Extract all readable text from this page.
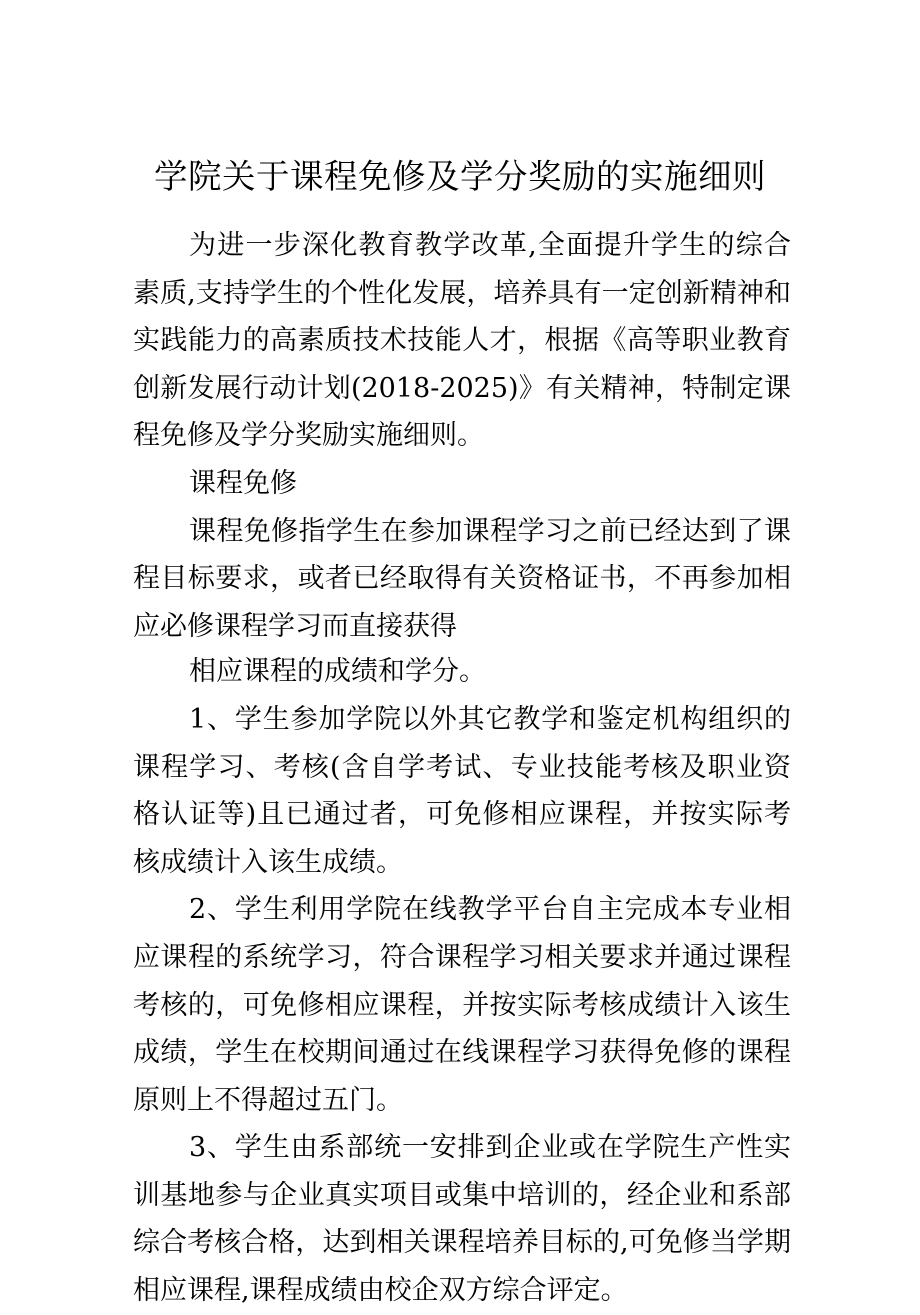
学院关于课程免修及学分奖励的实施细则

为进一步深化教育教学改革,全面提升学生的综合素质,支持学生的个性化发展，培养具有一定创新精神和实践能力的高素质技术技能人才，根据《高等职业教育创新发展行动计划(2018-2025)》有关精神，特制定课程免修及学分奖励实施细则。

课程免修

课程免修指学生在参加课程学习之前已经达到了课程目标要求，或者已经取得有关资格证书，不再参加相应必修课程学习而直接获得

相应课程的成绩和学分。

1、学生参加学院以外其它教学和鉴定机构组织的课程学习、考核(含自学考试、专业技能考核及职业资格认证等)且已通过者，可免修相应课程，并按实际考核成绩计入该生成绩。

2、学生利用学院在线教学平台自主完成本专业相应课程的系统学习，符合课程学习相关要求并通过课程考核的，可免修相应课程，并按实际考核成绩计入该生成绩，学生在校期间通过在线课程学习获得免修的课程原则上不得超过五门。

3、学生由系部统一安排到企业或在学院生产性实训基地参与企业真实项目或集中培训的，经企业和系部综合考核合格，达到相关课程培养目标的,可免修当学期相应课程,课程成绩由校企双方综合评定。
